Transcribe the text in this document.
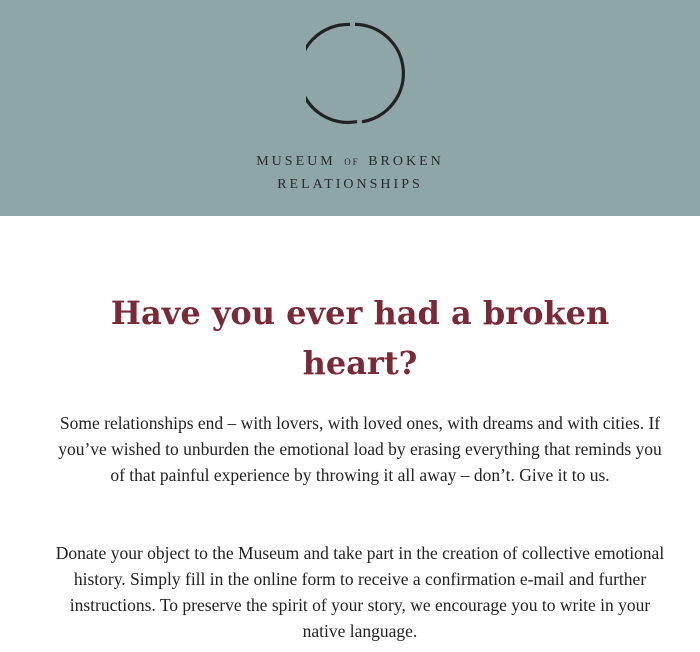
MUSEUM OF BROKEN
RELATIONSHIPS
Have you ever had a broken heart?

Some relationships end – with lovers, with loved ones, with dreams and with cities. If you’ve wished to unburden the emotional load by erasing everything that reminds you of that painful experience by throwing it all away – don’t. Give it to us.

Donate your object to the Museum and take part in the creation of collective emotional history. Simply fill in the online form to receive a confirmation e-mail and further instructions. To preserve the spirit of your story, we encourage you to write in your native language.
